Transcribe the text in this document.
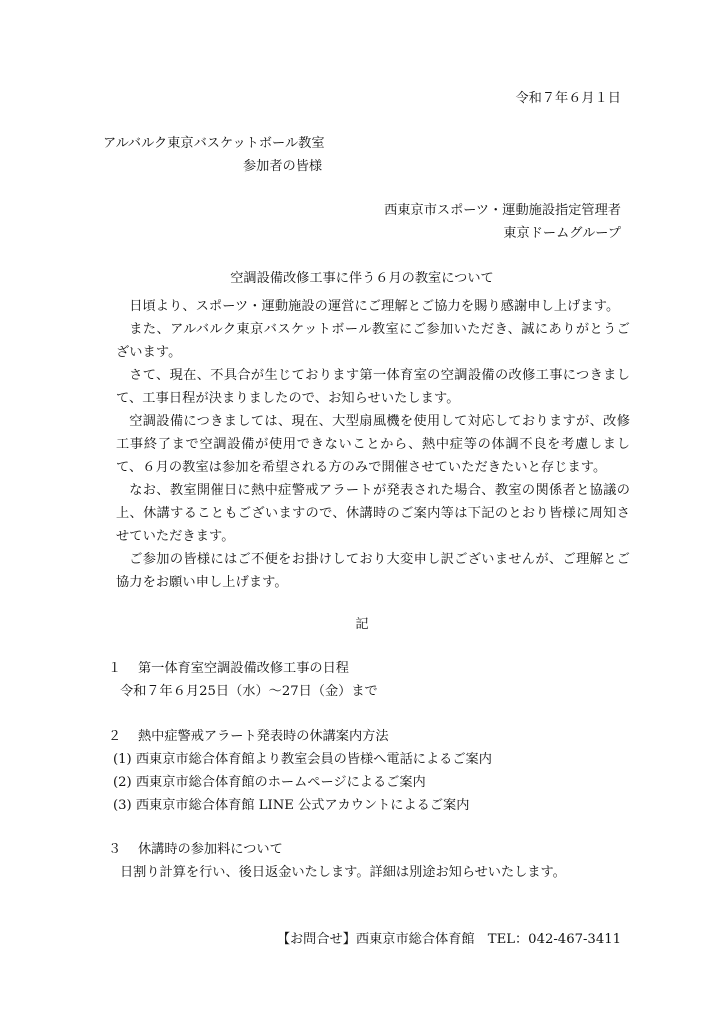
令和７年６月１日
アルバルク東京バスケットボール教室
参加者の皆様
西東京市スポーツ・運動施設指定管理者
東京ドームグループ
空調設備改修工事に伴う６月の教室について

日頃より、スポーツ・運動施設の運営にご理解とご協力を賜り感謝申し上げます。

また、アルバルク東京バスケットボール教室にご参加いただき、誠にありがとうございます。

さて、現在、不具合が生じております第一体育室の空調設備の改修工事につきまして、工事日程が決まりましたので、お知らせいたします。

空調設備につきましては、現在、大型扇風機を使用して対応しておりますが、改修工事終了まで空調設備が使用できないことから、熱中症等の体調不良を考慮しまして、６月の教室は参加を希望される方のみで開催させていただきたいと存じます。

なお、教室開催日に熱中症警戒アラートが発表された場合、教室の関係者と協議の上、休講することもございますので、休講時のご案内等は下記のとおり皆様に周知させていただきます。

ご参加の皆様にはご不便をお掛けしており大変申し訳ございませんが、ご理解とご協力をお願い申し上げます。

記
１ 第一体育室空調設備改修工事の日程
令和７年６月25日（水）～27日（金）まで
２ 熱中症警戒アラート発表時の休講案内方法
(1) 西東京市総合体育館より教室会員の皆様へ電話によるご案内
(2) 西東京市総合体育館のホームページによるご案内
(3) 西東京市総合体育館 LINE 公式アカウントによるご案内
３ 休講時の参加料について
日割り計算を行い、後日返金いたします。詳細は別途お知らせいたします。
【お問合せ】西東京市総合体育館　TEL：042-467-3411
